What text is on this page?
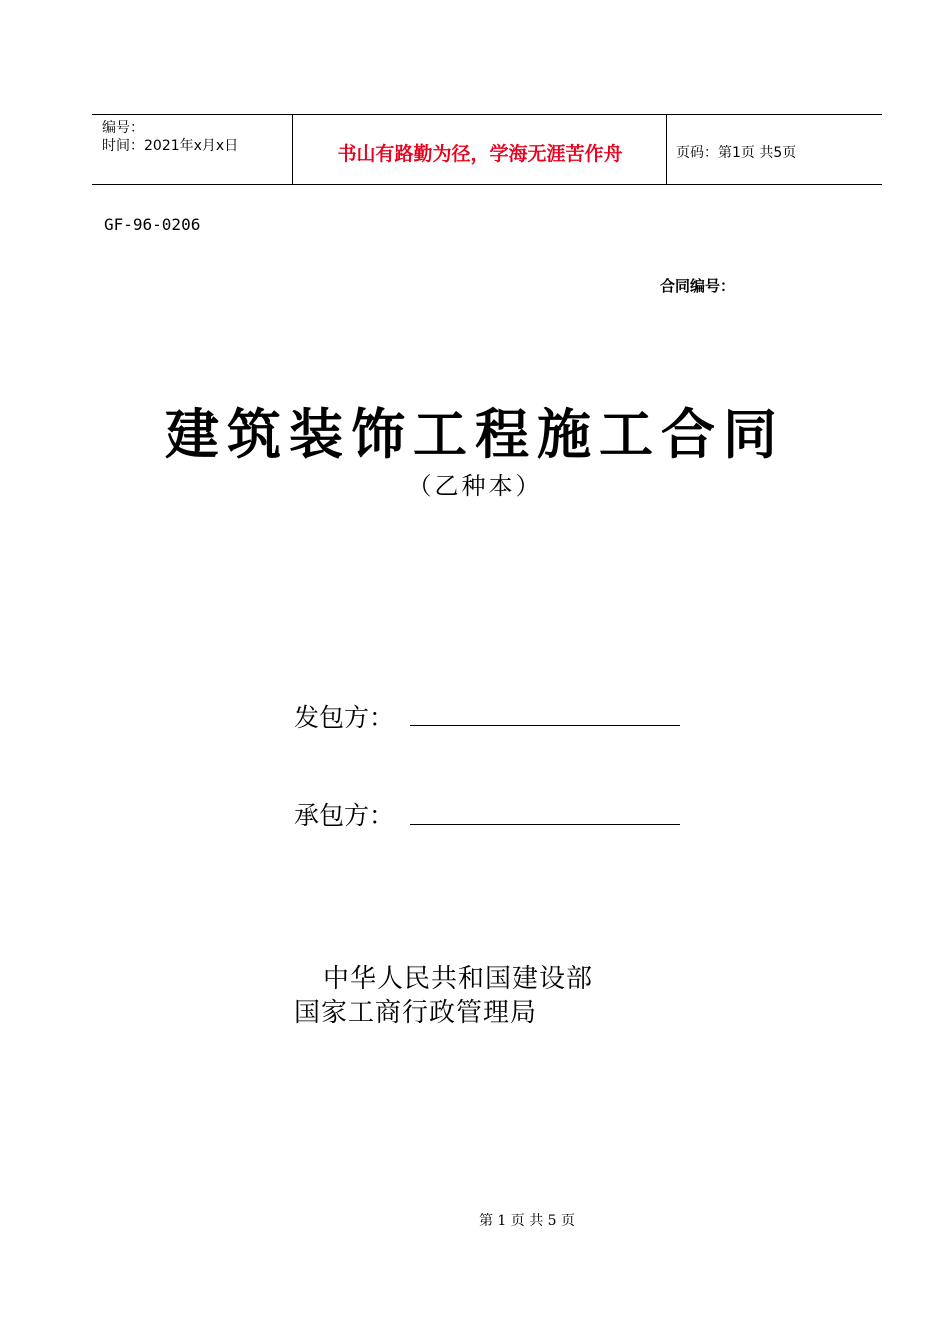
编号：
时间：2021年x月x日	书山有路勤为径，学海无涯苦作舟	页码：第1页 共5页
GF-96-0206
合同编号：
建筑装饰工程施工合同
（乙种本）
发包方：
承包方：
中华人民共和国建设部
国家工商行政管理局
第 1 页 共 5 页
